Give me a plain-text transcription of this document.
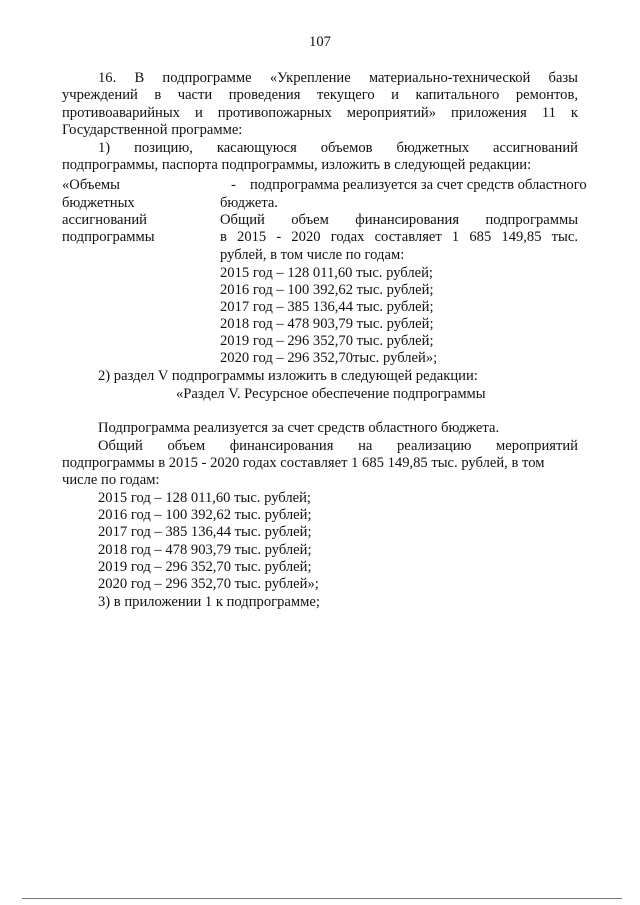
107
16. В подпрограмме «Укрепление материально-технической базы
учреждений в части проведения текущего и капитального ремонтов,
противоаварийных и противопожарных мероприятий» приложения 11 к
Государственной программе:
1) позицию, касающуюся объемов бюджетных ассигнований
подпрограммы, паспорта подпрограммы, изложить в следующей редакции:
«Объемы
бюджетных
ассигнований
подпрограммы
- подпрограмма реализуется за счет средств областного
бюджета.
Общий объем финансирования подпрограммы
в 2015 - 2020 годах составляет 1 685 149,85 тыс.
рублей, в том числе по годам:
2015 год – 128 011,60 тыс. рублей;
2016 год – 100 392,62 тыс. рублей;
2017 год – 385 136,44 тыс. рублей;
2018 год – 478 903,79 тыс. рублей;
2019 год – 296 352,70 тыс. рублей;
2020 год – 296 352,70тыс. рублей»;
2) раздел V подпрограммы изложить в следующей редакции:
«Раздел V. Ресурсное обеспечение подпрограммы
Подпрограмма реализуется за счет средств областного бюджета.
Общий объем финансирования на реализацию мероприятий
подпрограммы в 2015 - 2020 годах составляет 1 685 149,85 тыс. рублей, в том
числе по годам:
2015 год – 128 011,60 тыс. рублей;
2016 год – 100 392,62 тыс. рублей;
2017 год – 385 136,44 тыс. рублей;
2018 год – 478 903,79 тыс. рублей;
2019 год – 296 352,70 тыс. рублей;
2020 год – 296 352,70 тыс. рублей»;
3) в приложении 1 к подпрограмме;
